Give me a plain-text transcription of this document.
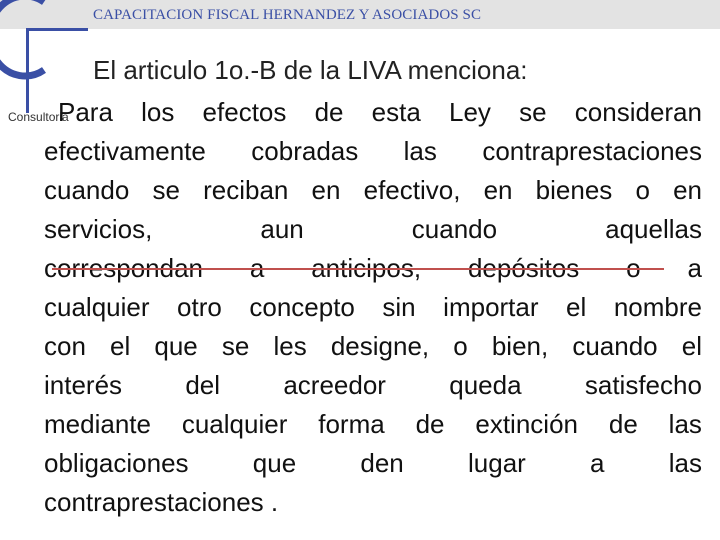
CAPACITACION FISCAL HERNANDEZ Y ASOCIADOS SC
Consultoria
El articulo 1o.-B de la LIVA menciona:
Para los efectos de esta Ley se consideran
efectivamente cobradas las contraprestaciones
cuando se reciban en efectivo, en bienes o en
servicios,	aun	cuando	aquellas
correspondan a anticipos, depósitos o a
cualquier otro concepto sin importar el nombre
con el que se les designe, o bien, cuando el
interés del acreedor queda satisfecho
mediante cualquier forma de extinción de las
obligaciones que den lugar a las
contraprestaciones .
